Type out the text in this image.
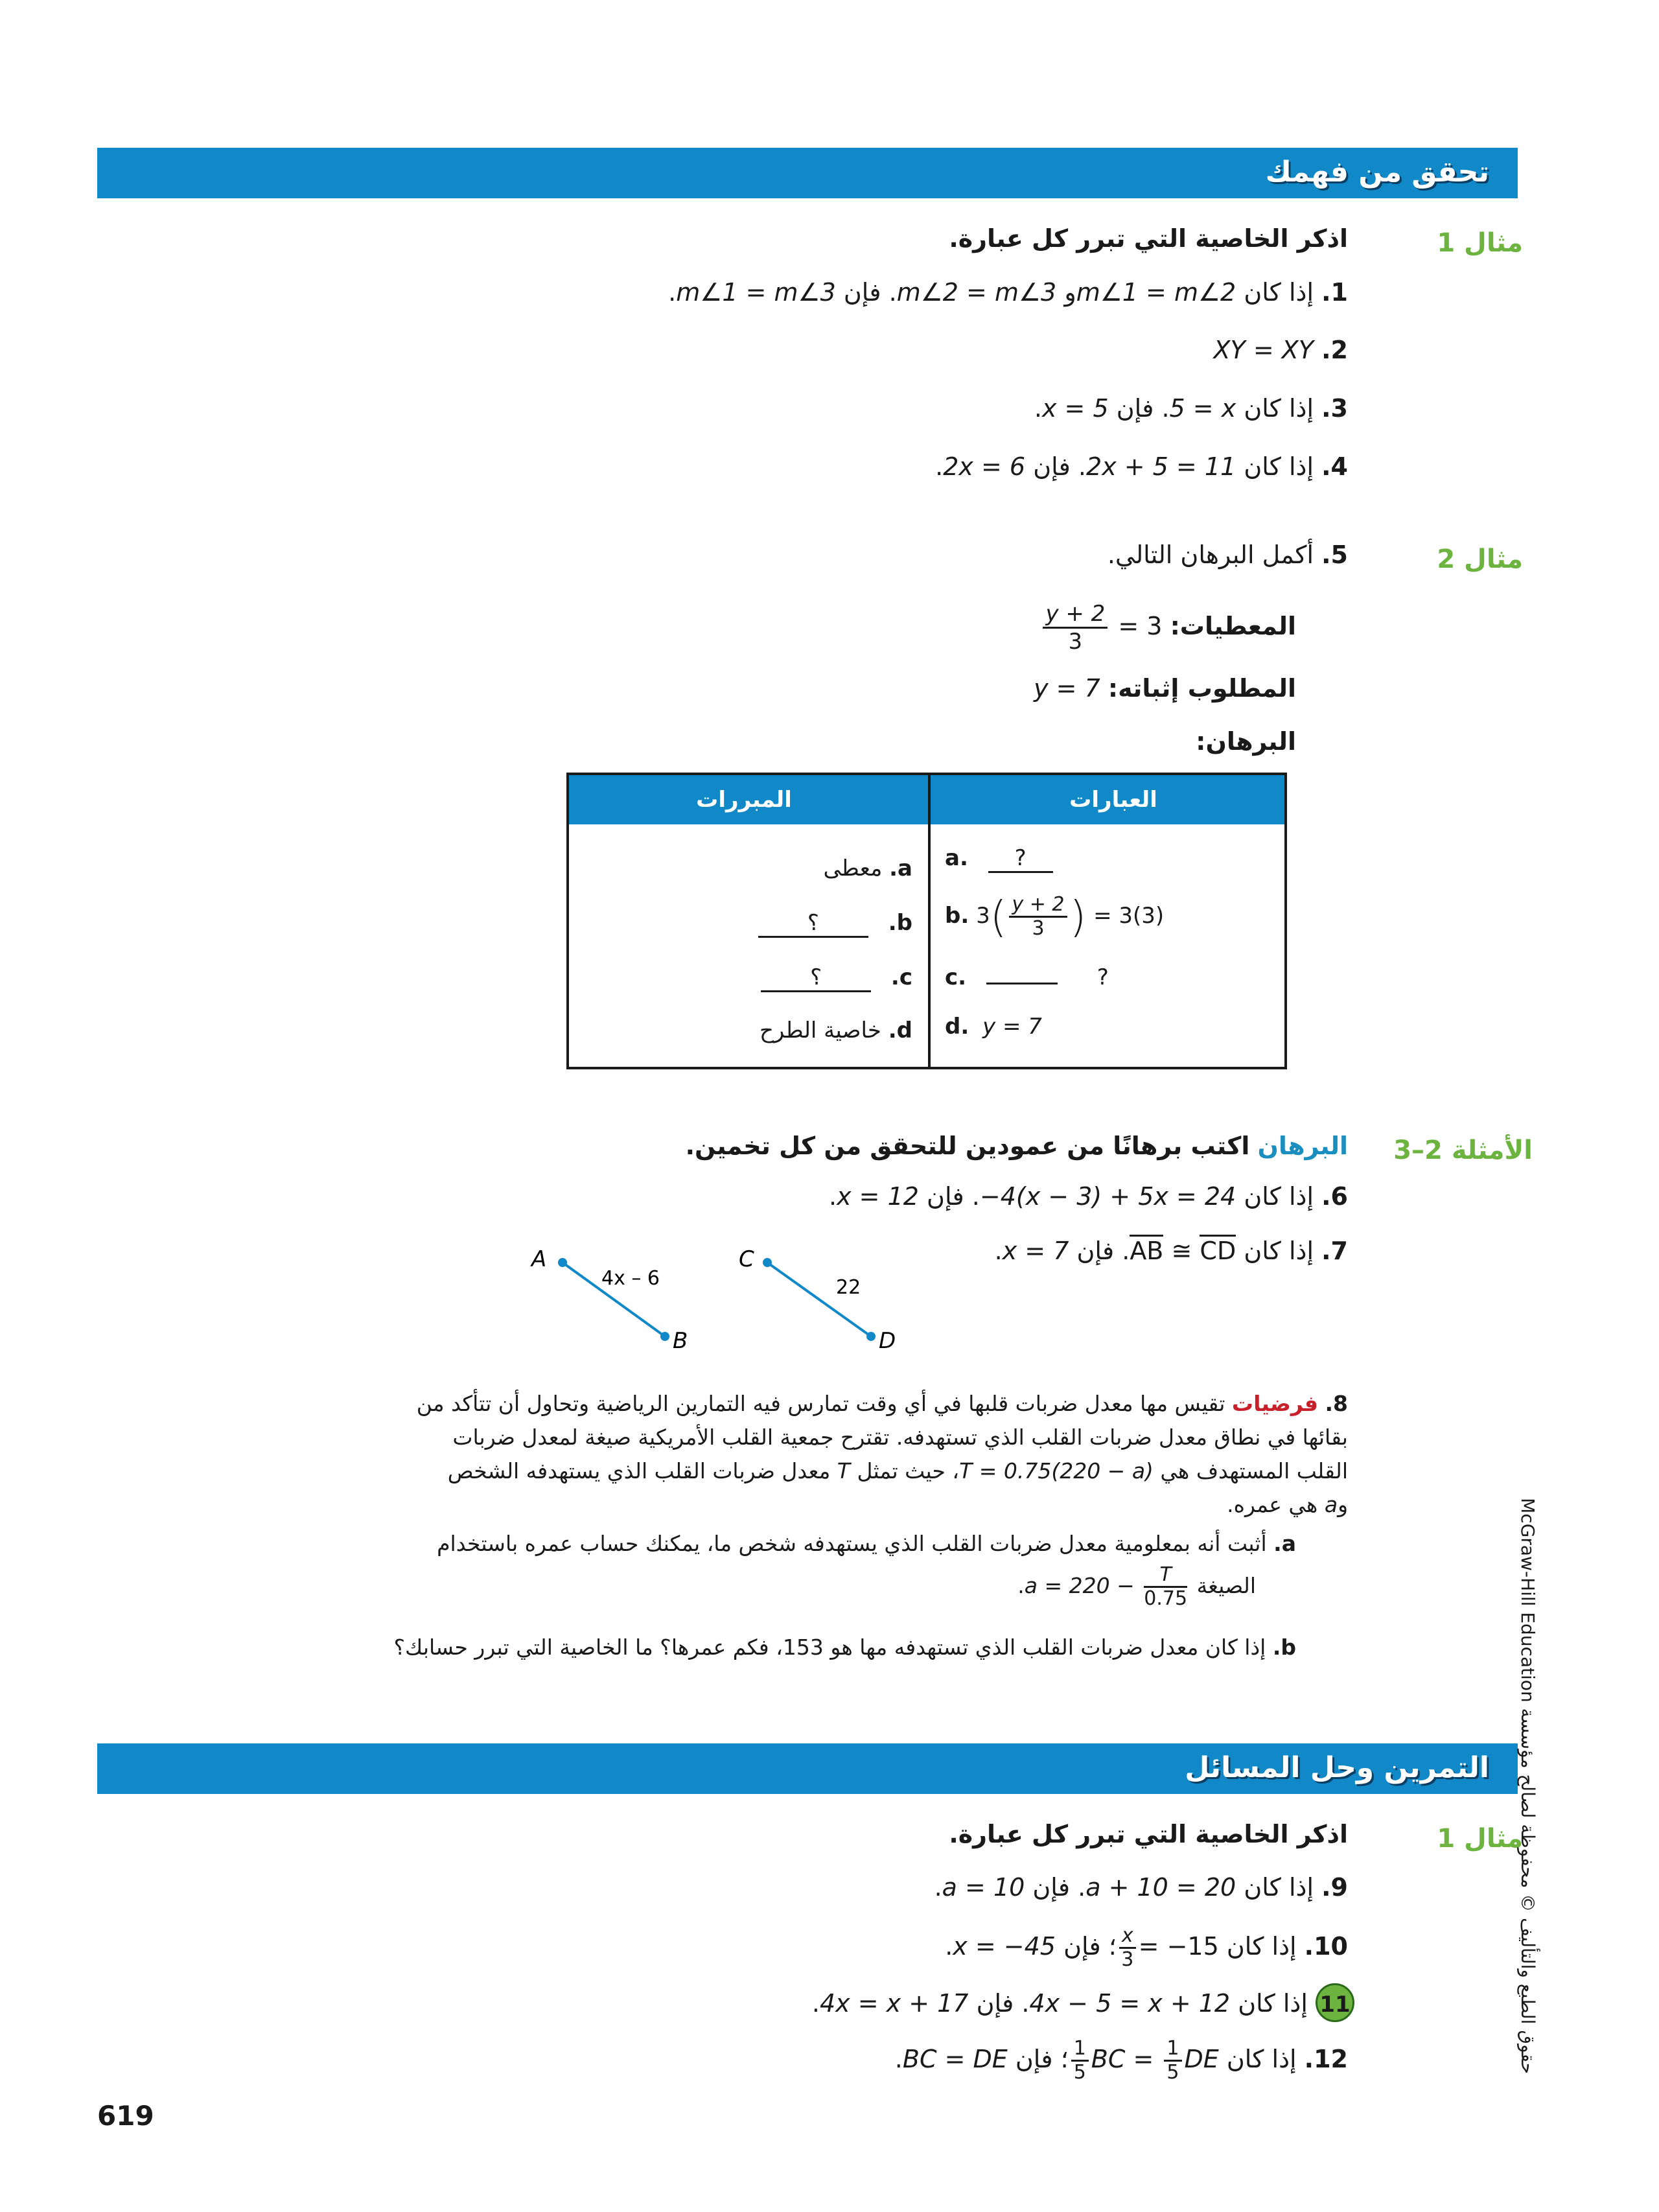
تحقق من فهمك
مثال 1
اذكر الخاصية التي تبرر كل عبارة.
1. إذا كان m∠1 = m∠2و m∠2 = m∠3. فإن m∠1 = m∠3.
2. XY = XY
3. إذا كان 5 = x. فإن x = 5.
4. إذا كان 2x + 5 = 11. فإن 2x = 6.
مثال 2
5. أكمل البرهان التالي.
المعطيات:
$\frac{y + 2}{3} = 3$
المطلوب إثباته: y = 7
البرهان:
العبارات
المبررات
a. ?
b. $3( \frac{y + 2}{3}$ ) = 3(3)
c.	?
d. y = 7
a. معطى
b. ؟
c. ؟
d. خاصية الطرح
الأمثلة 2–3
البرهان اكتب برهانًا من عمودين للتحقق من كل تخمين.
6. إذا كان −4(x − 3) + 5x = 24. فإن x = 12.
7. إذا كان AB ≅ CD. فإن x = 7.
A
B
4x – 6
C
D
22
8. فرضيات تقيس مها معدل ضربات قلبها في أي وقت تمارس فيه التمارين الرياضية وتحاول أن تتأكد من
بقائها في نطاق معدل ضربات القلب الذي تستهدفه. تقترح جمعية القلب الأمريكية صيغة لمعدل ضربات
القلب المستهدف هي T = 0.75(220 − a)، حيث تمثل T معدل ضربات القلب الذي يستهدفه الشخص
وa هي عمره.
a. أثبت أنه بمعلومية معدل ضربات القلب الذي يستهدفه شخص ما، يمكنك حساب عمره باستخدام
الصيغة $a = 220 - \frac{T}{0.75}$
.
b. إذا كان معدل ضربات القلب الذي تستهدفه مها هو 153، فكم عمرها؟ ما الخاصية التي تبرر حسابك؟
التمرين وحل المسائل
مثال 1
اذكر الخاصية التي تبرر كل عبارة.
9. إذا كان a + 10 = 20. فإن a = 10.
10. إذا كان
$\frac{x}{3}$ = −15؛ فإن x = −45.
11 إذا كان 4x − 5 = x + 12. فإن 4x = x + 17.
12. إذا كان
$\frac{1}{5}$ BC = $\frac{1}{5}$ DE؛ فإن BC = DE.
حقوق الطبع والتأليف © محفوظة لصالح مؤسسة McGraw-Hill Education
619
